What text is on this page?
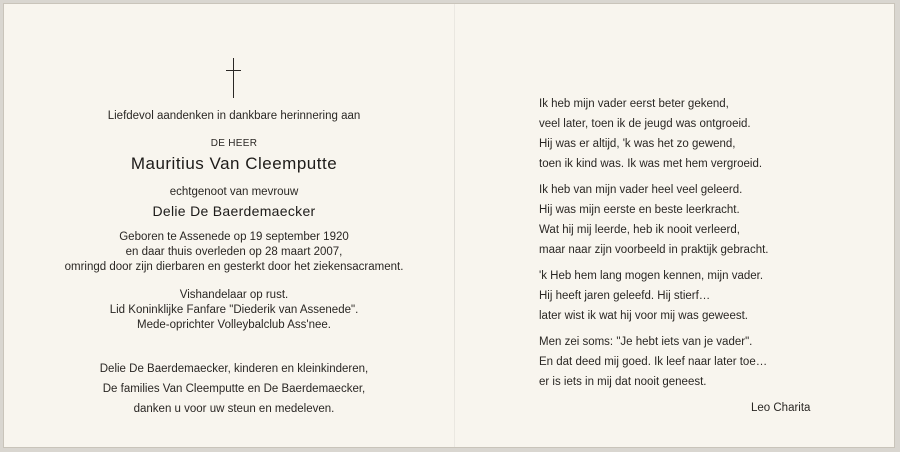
Liefdevol aandenken in dankbare herinnering aan
DE HEER
Mauritius Van Cleemputte
echtgenoot van mevrouw
Delie De Baerdemaecker
Geboren te Assenede op 19 september 1920
en daar thuis overleden op 28 maart 2007,
omringd door zijn dierbaren en gesterkt door het ziekensacrament.
Vishandelaar op rust.
Lid Koninklijke Fanfare "Diederik van Assenede".
Mede-oprichter Volleybalclub Ass'nee.
Delie De Baerdemaecker, kinderen en kleinkinderen,
De families Van Cleemputte en De Baerdemaecker,
danken u voor uw steun en medeleven.
Ik heb mijn vader eerst beter gekend,
veel later, toen ik de jeugd was ontgroeid.
Hij was er altijd, 'k was het zo gewend,
toen ik kind was. Ik was met hem vergroeid.
Ik heb van mijn vader heel veel geleerd.
Hij was mijn eerste en beste leerkracht.
Wat hij mij leerde, heb ik nooit verleerd,
maar naar zijn voorbeeld in praktijk gebracht.
'k Heb hem lang mogen kennen, mijn vader.
Hij heeft jaren geleefd. Hij stierf…
later wist ik wat hij voor mij was geweest.
Men zei soms: "Je hebt iets van je vader".
En dat deed mij goed. Ik leef naar later toe…
er is iets in mij dat nooit geneest.
Leo Charita
